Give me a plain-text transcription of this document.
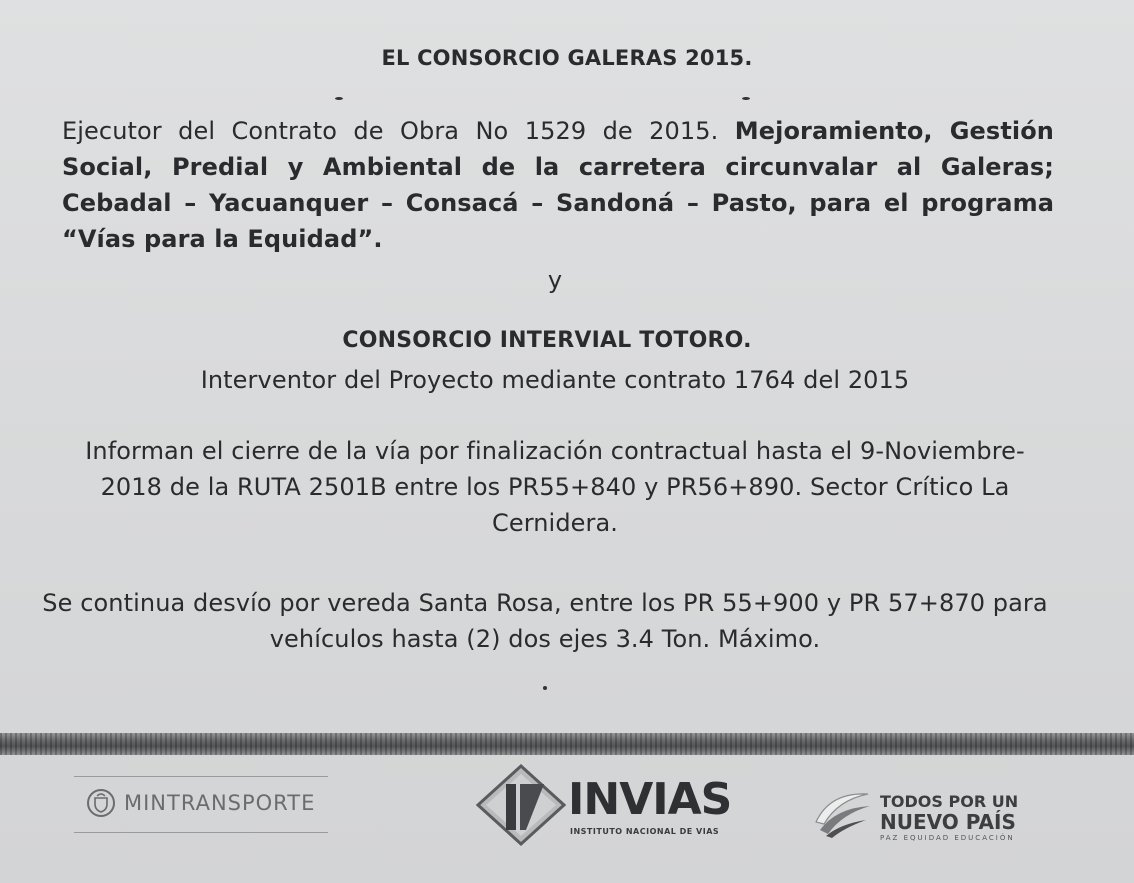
EL CONSORCIO GALERAS 2015.
Ejecutor del Contrato de Obra No 1529 de 2015. Mejoramiento, Gestión Social, Predial y Ambiental de la carretera circunvalar al Galeras; Cebadal – Yacuanquer – Consacá – Sandoná – Pasto, para el programa “Vías para la Equidad”.
y
CONSORCIO INTERVIAL TOTORO.
Interventor del Proyecto mediante contrato 1764 del 2015
Informan el cierre de la vía por finalización contractual hasta el 9-Noviembre-
2018 de la RUTA 2501B entre los PR55+840 y PR56+890. Sector Crítico La
Cernidera.
Se continua desvío por vereda Santa Rosa, entre los PR 55+900 y PR 57+870 para
vehículos hasta (2) dos ejes 3.4 Ton. Máximo.
MINTRANSPORTE	INVIAS
INSTITUTO NACIONAL DE VIAS
TODOS POR UN
NUEVO PAÍS
PAZ EQUIDAD EDUCACIÓN
